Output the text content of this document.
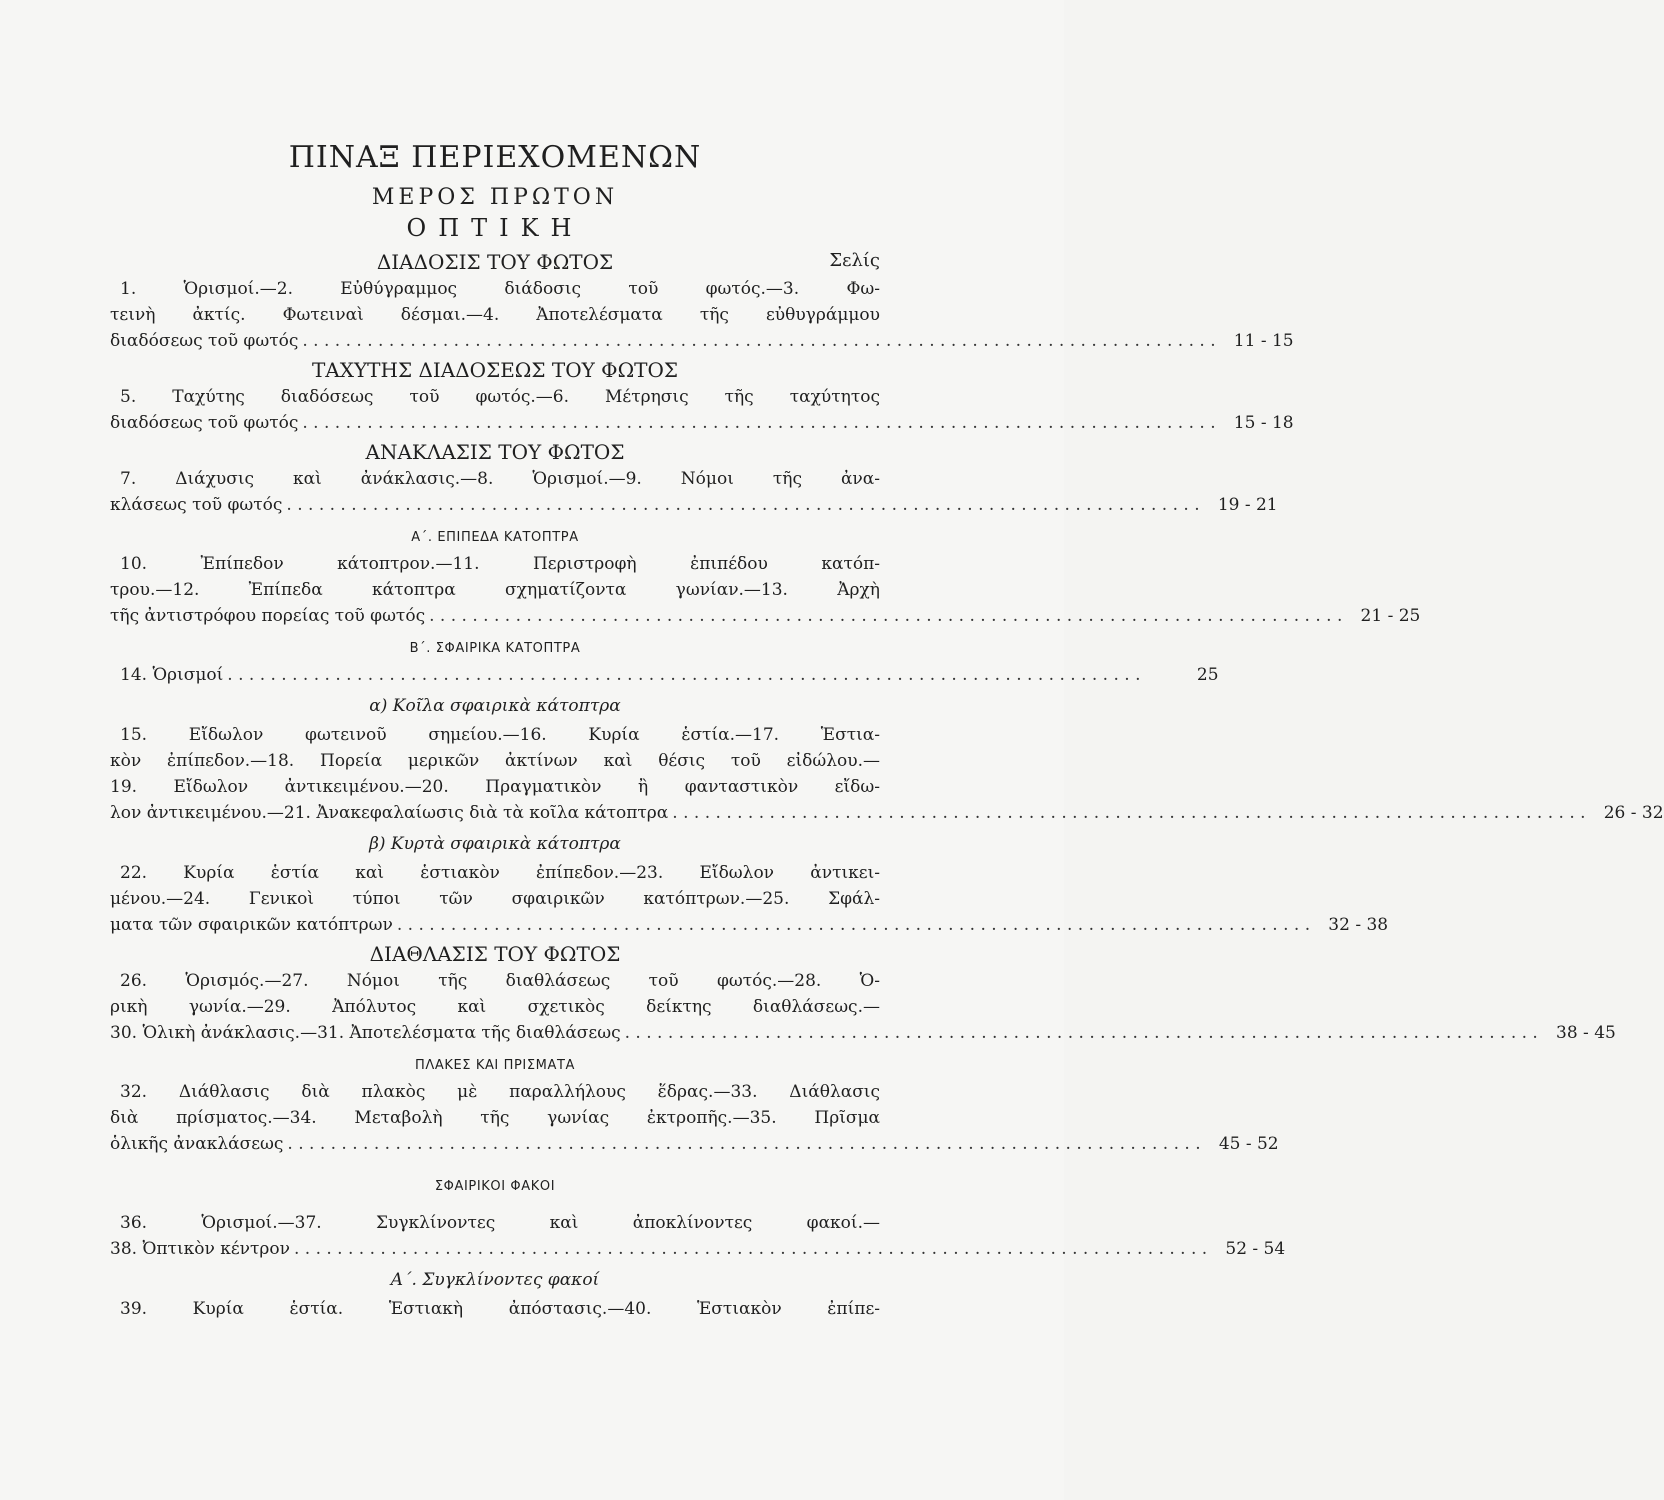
ΠΙΝΑΞ ΠΕΡΙΕΧΟΜΕΝΩΝ
ΜΕΡΟΣ ΠΡΩΤΟΝ
ΟΠΤΙΚΗ
ΔΙΑΔΟΣΙΣ ΤΟΥ ΦΩΤΟΣ	Σελίς
1. Ὁρισμοί.—2. Εὐθύγραμμος διάδοσις τοῦ φωτός.—3. Φω-
τεινὴ ἀκτίς. Φωτειναὶ δέσμαι.—4. Ἀποτελέσματα τῆς εὐθυγράμμου
διαδόσεως τοῦ φωτός . . . . . . . . . . . . . . . . . . . . . . . . . . . . . . . . . . . . . . . . . . . . . . . . . . . . . . . . . . . . . . . . . . . . . . . . . . . . . . . . . . . . .	11 - 15
ΤΑΧΥΤΗΣ ΔΙΑΔΟΣΕΩΣ ΤΟΥ ΦΩΤΟΣ
5. Ταχύτης διαδόσεως τοῦ φωτός.—6. Μέτρησις τῆς ταχύτητος
διαδόσεως τοῦ φωτός . . . . . . . . . . . . . . . . . . . . . . . . . . . . . . . . . . . . . . . . . . . . . . . . . . . . . . . . . . . . . . . . . . . . . . . . . . . . . . . . . . . . .	15 - 18
ΑΝΑΚΛΑΣΙΣ ΤΟΥ ΦΩΤΟΣ
7. Διάχυσις καὶ ἀνάκλασις.—8. Ὁρισμοί.—9. Νόμοι τῆς ἀνα-
κλάσεως τοῦ φωτός . . . . . . . . . . . . . . . . . . . . . . . . . . . . . . . . . . . . . . . . . . . . . . . . . . . . . . . . . . . . . . . . . . . . . . . . . . . . . . . . . . . . .	19 - 21
Α΄. ΕΠΙΠΕΔΑ ΚΑΤΟΠΤΡΑ
10. Ἐπίπεδον κάτοπτρον.—11. Περιστροφὴ ἐπιπέδου κατόπ-
τρου.—12. Ἐπίπεδα κάτοπτρα σχηματίζοντα γωνίαν.—13. Ἀρχὴ
τῆς ἀντιστρόφου πορείας τοῦ φωτός . . . . . . . . . . . . . . . . . . . . . . . . . . . . . . . . . . . . . . . . . . . . . . . . . . . . . . . . . . . . . . . . . . . . . . . . . . . . . . . . . . . . .	21 - 25
Β΄. ΣΦΑΙΡΙΚΑ ΚΑΤΟΠΤΡΑ
14. Ὁρισμοί . . . . . . . . . . . . . . . . . . . . . . . . . . . . . . . . . . . . . . . . . . . . . . . . . . . . . . . . . . . . . . . . . . . . . . . . . . . . . . . . . . . . .	25
α) Κοῖλα σφαιρικὰ κάτοπτρα
15. Εἴδωλον φωτεινοῦ σημείου.—16. Κυρία ἑστία.—17. Ἑστια-
κὸν ἐπίπεδον.—18. Πορεία μερικῶν ἀκτίνων καὶ θέσις τοῦ εἰδώλου.—
19. Εἴδωλον ἀντικειμένου.—20. Πραγματικὸν ἢ φανταστικὸν εἴδω-
λον ἀντικειμένου.—21. Ἀνακεφαλαίωσις διὰ τὰ κοῖλα κάτοπτρα . . . . . . . . . . . . . . . . . . . . . . . . . . . . . . . . . . . . . . . . . . . . . . . . . . . . . . . . . . . . . . . . . . . . . . . . . . . . . . . . . . . . .	26 - 32
β) Κυρτὰ σφαιρικὰ κάτοπτρα
22. Κυρία ἑστία καὶ ἑστιακὸν ἐπίπεδον.—23. Εἴδωλον ἀντικει-
μένου.—24. Γενικοὶ τύποι τῶν σφαιρικῶν κατόπτρων.—25. Σφάλ-
ματα τῶν σφαιρικῶν κατόπτρων . . . . . . . . . . . . . . . . . . . . . . . . . . . . . . . . . . . . . . . . . . . . . . . . . . . . . . . . . . . . . . . . . . . . . . . . . . . . . . . . . . . . .	32 - 38
ΔΙΑΘΛΑΣΙΣ ΤΟΥ ΦΩΤΟΣ
26. Ὁρισμός.—27. Νόμοι τῆς διαθλάσεως τοῦ φωτός.—28. Ὁ-
ρικὴ γωνία.—29. Ἀπόλυτος καὶ σχετικὸς δείκτης διαθλάσεως.—
30. Ὁλικὴ ἀνάκλασις.—31. Ἀποτελέσματα τῆς διαθλάσεως . . . . . . . . . . . . . . . . . . . . . . . . . . . . . . . . . . . . . . . . . . . . . . . . . . . . . . . . . . . . . . . . . . . . . . . . . . . . . . . . . . . . .	38 - 45
ΠΛΑΚΕΣ ΚΑΙ ΠΡΙΣΜΑΤΑ
32. Διάθλασις διὰ πλακὸς μὲ παραλλήλους ἕδρας.—33. Διάθλασις
διὰ πρίσματος.—34. Μεταβολὴ τῆς γωνίας ἐκτροπῆς.—35. Πρῖσμα
ὁλικῆς ἀνακλάσεως . . . . . . . . . . . . . . . . . . . . . . . . . . . . . . . . . . . . . . . . . . . . . . . . . . . . . . . . . . . . . . . . . . . . . . . . . . . . . . . . . . . . .	45 - 52
ΣΦΑΙΡΙΚΟΙ ΦΑΚΟΙ
36. Ὁρισμοί.—37. Συγκλίνοντες καὶ ἀποκλίνοντες φακοί.—
38. Ὀπτικὸν κέντρον . . . . . . . . . . . . . . . . . . . . . . . . . . . . . . . . . . . . . . . . . . . . . . . . . . . . . . . . . . . . . . . . . . . . . . . . . . . . . . . . . . . . .	52 - 54
Α΄. Συγκλίνοντες φακοί
39. Κυρία ἑστία. Ἑστιακὴ ἀπόστασις.—40. Ἑστιακὸν ἐπίπε-
